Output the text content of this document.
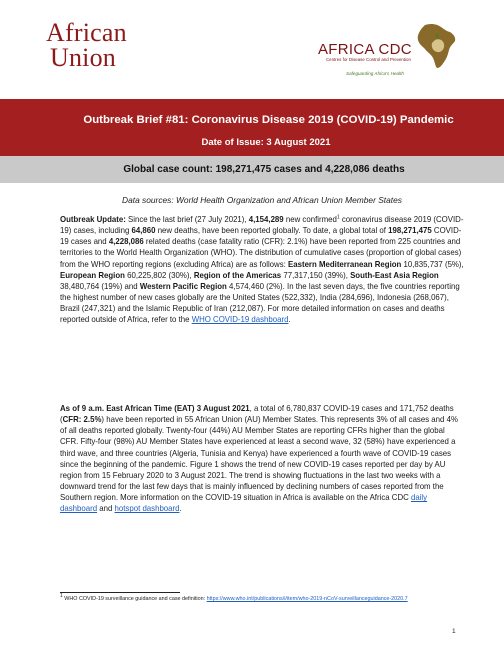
African
Union	AFRICA CDC
Centres for Disease Control and Prevention
Safeguarding Africa's Health
Outbreak Brief #81: Coronavirus Disease 2019 (COVID-19) Pandemic
Date of Issue: 3 August 2021
Global case count: 198,271,475 cases and 4,228,086 deaths
Data sources: World Health Organization and African Union Member States
Outbreak Update: Since the last brief (27 July 2021), 4,154,289 new confirmed$^1$ coronavirus disease 2019 (COVID-19) cases, including 64,860 new deaths, have been reported globally. To date, a global total of 198,271,475 COVID-19 cases and 4,228,086 related deaths (case fatality ratio (CFR): 2.1%) have been reported from 225 countries and territories to the World Health Organization (WHO). The distribution of cumulative cases (proportion of global cases) from the WHO reporting regions (excluding Africa) are as follows: Eastern Mediterranean Region 10,835,737 (5%), European Region 60,225,802 (30%), Region of the Americas 77,317,150 (39%), South-East Asia Region 38,480,764 (19%) and Western Pacific Region 4,574,460 (2%). In the last seven days, the five countries reporting the highest number of new cases globally are the United States (522,332), India (284,696), Indonesia (268,067), Brazil (247,321) and the Islamic Republic of Iran (212,087). For more detailed information on cases and deaths reported outside of Africa, refer to the WHO COVID-19 dashboard.
As of 9 a.m. East African Time (EAT) 3 August 2021, a total of 6,780,837 COVID-19 cases and 171,752 deaths (CFR: 2.5%) have been reported in 55 African Union (AU) Member States. This represents 3% of all cases and 4% of all deaths reported globally. Twenty-four (44%) AU Member States are reporting CFRs higher than the global CFR. Fifty-four (98%) AU Member States have experienced at least a second wave, 32 (58%) have experienced a third wave, and three countries (Algeria, Tunisia and Kenya) have experienced a fourth wave of COVID-19 cases since the beginning of the pandemic. Figure 1 shows the trend of new COVID-19 cases reported per day by AU region from 15 February 2020 to 3 August 2021. The trend is showing fluctuations in the last two weeks with a downward trend for the last few days that is mainly influenced by declining numbers of cases reported from the Southern region. More information on the COVID-19 situation in Africa is available on the Africa CDC daily dashboard and hotspot dashboard.
$^1$ WHO COVID-19 surveillance guidance and case definition: https://www.who.int/publications/i/item/who-2019-nCoV-surveillanceguidance-2020.7
1
